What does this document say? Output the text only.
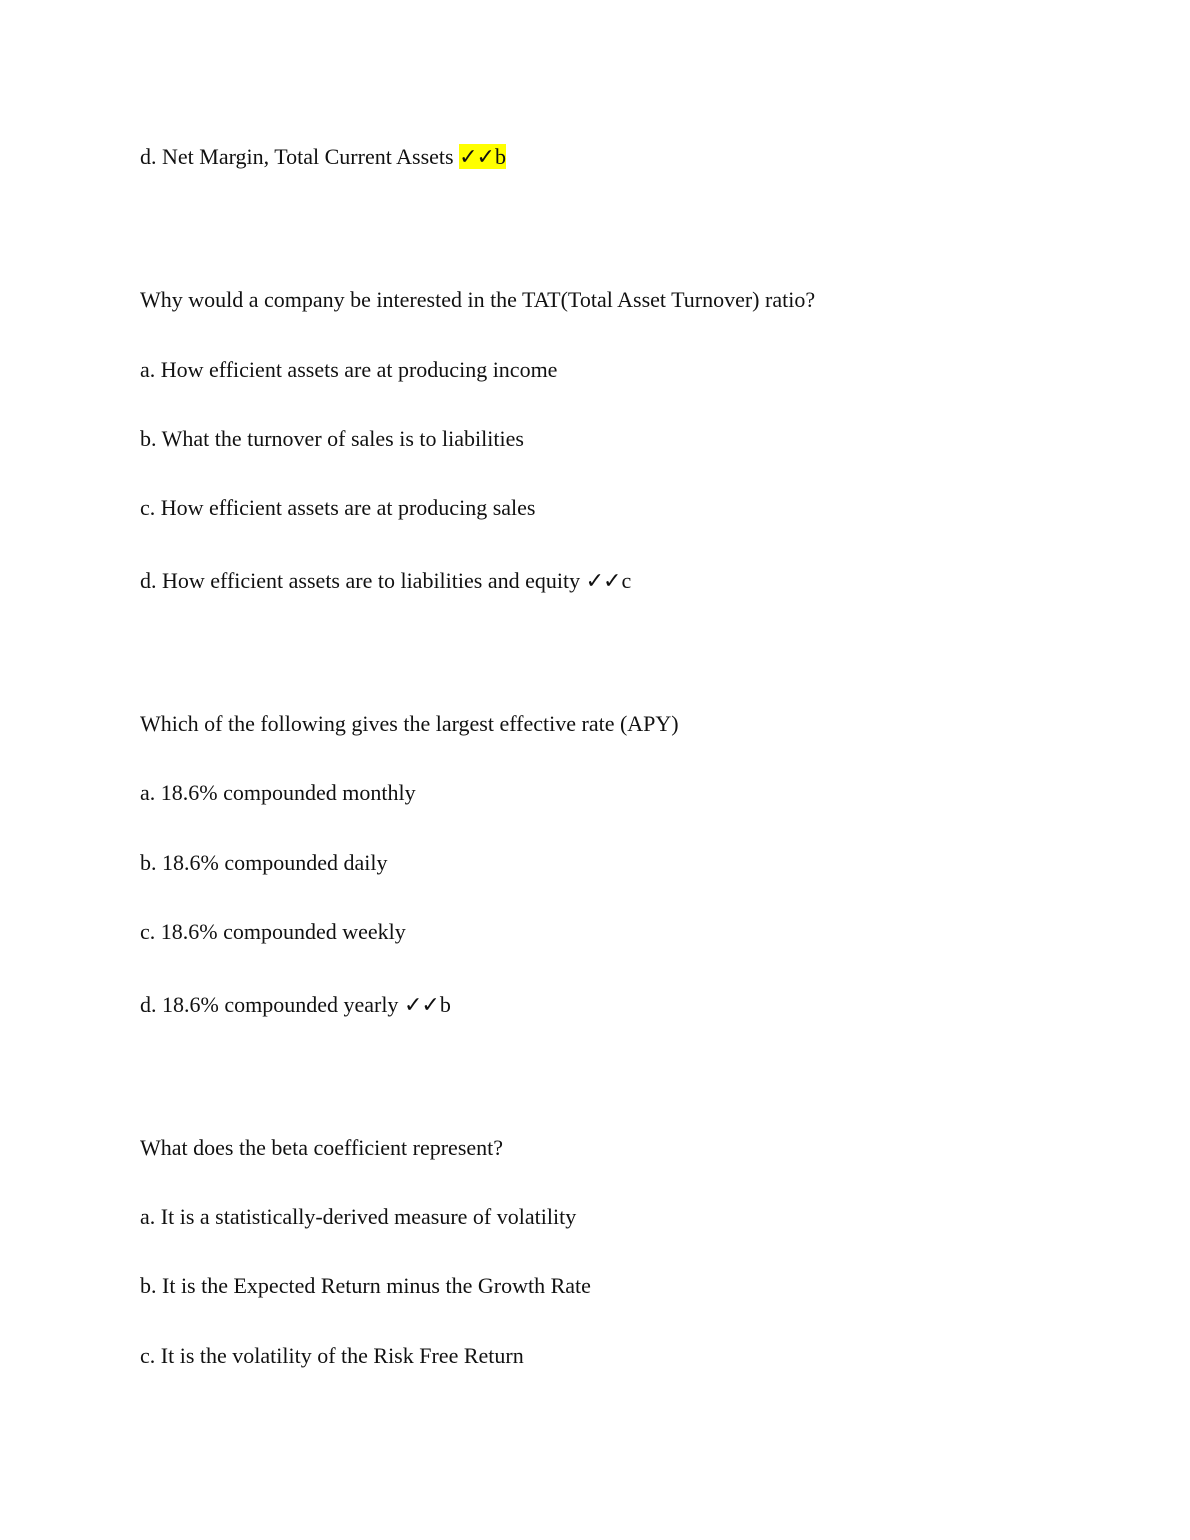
d. Net Margin, Total Current Assets ✓✓b
Why would a company be interested in the TAT(Total Asset Turnover) ratio?
a. How efficient assets are at producing income
b. What the turnover of sales is to liabilities
c. How efficient assets are at producing sales
d. How efficient assets are to liabilities and equity ✓✓c
Which of the following gives the largest effective rate (APY)
a. 18.6% compounded monthly
b. 18.6% compounded daily
c. 18.6% compounded weekly
d. 18.6% compounded yearly ✓✓b
What does the beta coefficient represent?
a. It is a statistically-derived measure of volatility
b. It is the Expected Return minus the Growth Rate
c. It is the volatility of the Risk Free Return
